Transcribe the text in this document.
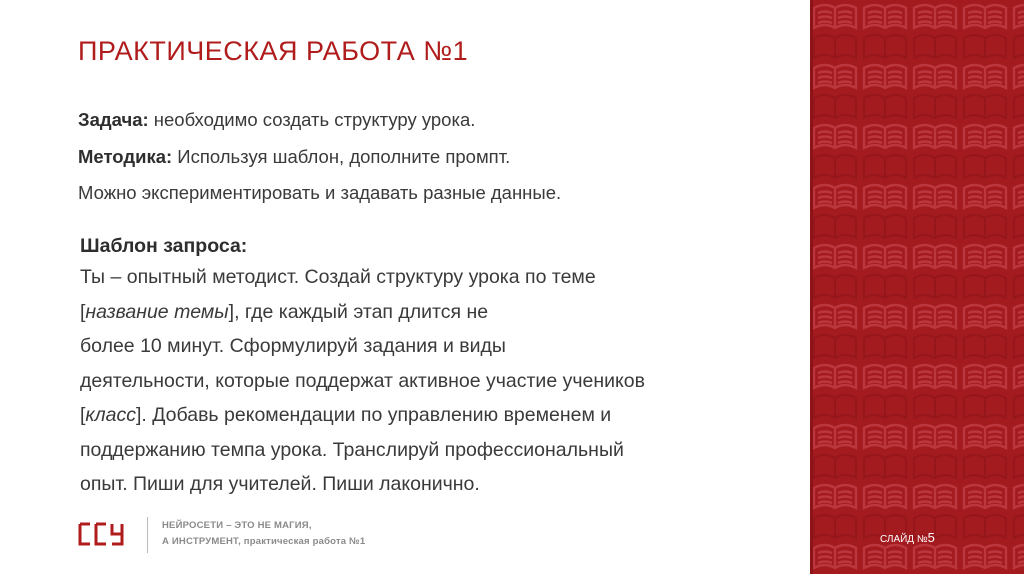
ПРАКТИЧЕСКАЯ РАБОТА №1
Задача: необходимо создать структуру урока.
Методика: Используя шаблон, дополните промпт.
Можно экспериментировать и задавать разные данные.
Шаблон запроса:
Ты – опытный методист. Создай структуру урока по теме
[название темы], где каждый этап длится не
более 10 минут. Сформулируй задания и виды
деятельности, которые поддержат активное участие учеников
[класс]. Добавь рекомендации по управлению временем и
поддержанию темпа урока. Транслируй профессиональный
опыт. Пиши для учителей. Пиши лаконично.
НЕЙРОСЕТИ – ЭТО НЕ МАГИЯ,
А ИНСТРУМЕНТ, практическая работа №1	СЛАЙД №5
